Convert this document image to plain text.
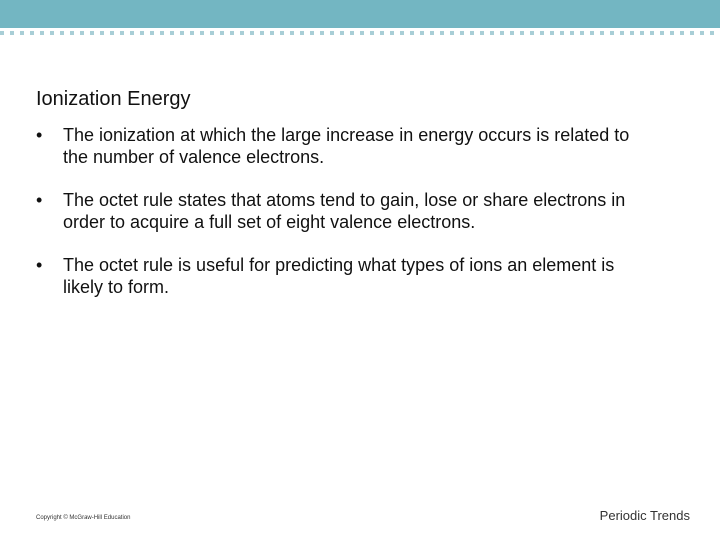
Ionization Energy
• The ionization at which the large increase in energy occurs is related to the number of valence electrons.
• The octet rule states that atoms tend to gain, lose or share electrons in order to acquire a full set of eight valence electrons.
• The octet rule is useful for predicting what types of ions an element is likely to form.
Copyright © McGraw-Hill Education	Periodic Trends
